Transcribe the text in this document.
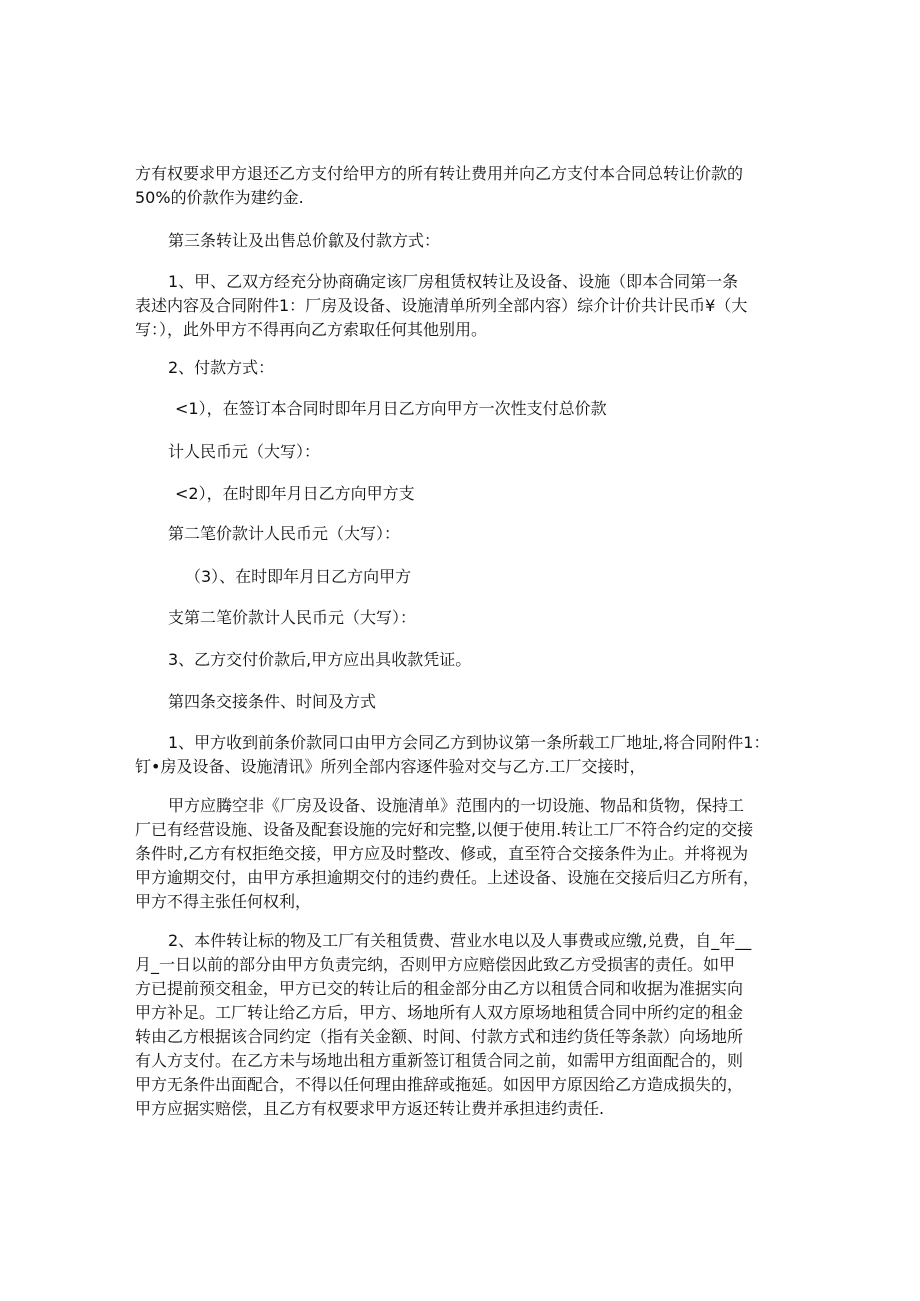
方有权要求甲方退还乙方支付给甲方的所有转让费用并向乙方支付本合同总转让价款的
50%的价款作为建约金.
第三条转让及出售总价歙及付款方式：
1、甲、乙双方经充分协商确定该厂房租赁权转让及设备、设施（即本合同第一条
表述内容及合同附件1：厂房及设备、设施清单所列全部内容）综介计价共计民币¥（大
写：），此外甲方不得再向乙方索取任何其他别用。
2、付款方式：
<1），在签订本合同时即年月日乙方向甲方一次性支付总价款
计人民币元（大写）：
<2），在时即年月日乙方向甲方支
第二笔价款计人民币元（大写）：
（3）、在时即年月日乙方向甲方
支第二笔价款计人民币元（大写）：
3、乙方交付价款后,甲方应出具收款凭证。
第四条交接条件、时间及方式
1、甲方收到前条价款同口由甲方会同乙方到协议第一条所载工厂地址,将合同附件1：
钉•房及设备、设施清讯》所列全部内容逐件验对交与乙方.工厂交接时，
甲方应腾空非《厂房及设备、设施清单》范围内的一切设施、物品和货物，保持工
厂已有经营设施、设备及配套设施的完好和完整,以便于使用.转让工厂不符合约定的交接
条件时,乙方有权拒绝交接，甲方应及时整改、修或，直至符合交接条件为止。并将视为
甲方逾期交付，由甲方承担逾期交付的违约费任。上述设备、设施在交接后归乙方所有，
甲方不得主张任何权利，
2、本件转让标的物及工厂有关租赁费、营业水电以及人事费或应缴,兑费，自_年__
月_一日以前的部分由甲方负责完纳，否则甲方应赔偿因此致乙方受损害的责任。如甲
方已提前预交租金，甲方已交的转让后的租金部分由乙方以租赁合同和收据为准据实向
甲方补足。工厂转让给乙方后，甲方、场地所有人双方原场地租赁合同中所约定的租金
转由乙方根据该合同约定（指有关金额、时间、付款方式和违约货任等条款）向场地所
有人方支付。在乙方未与场地出租方重新签订租赁合同之前，如需甲方组面配合的，则
甲方无条件出面配合，不得以任何理由推辞或拖延。如因甲方原因给乙方造成损失的，
甲方应据实赔偿，且乙方有权要求甲方返还转让费并承担违约责任.
